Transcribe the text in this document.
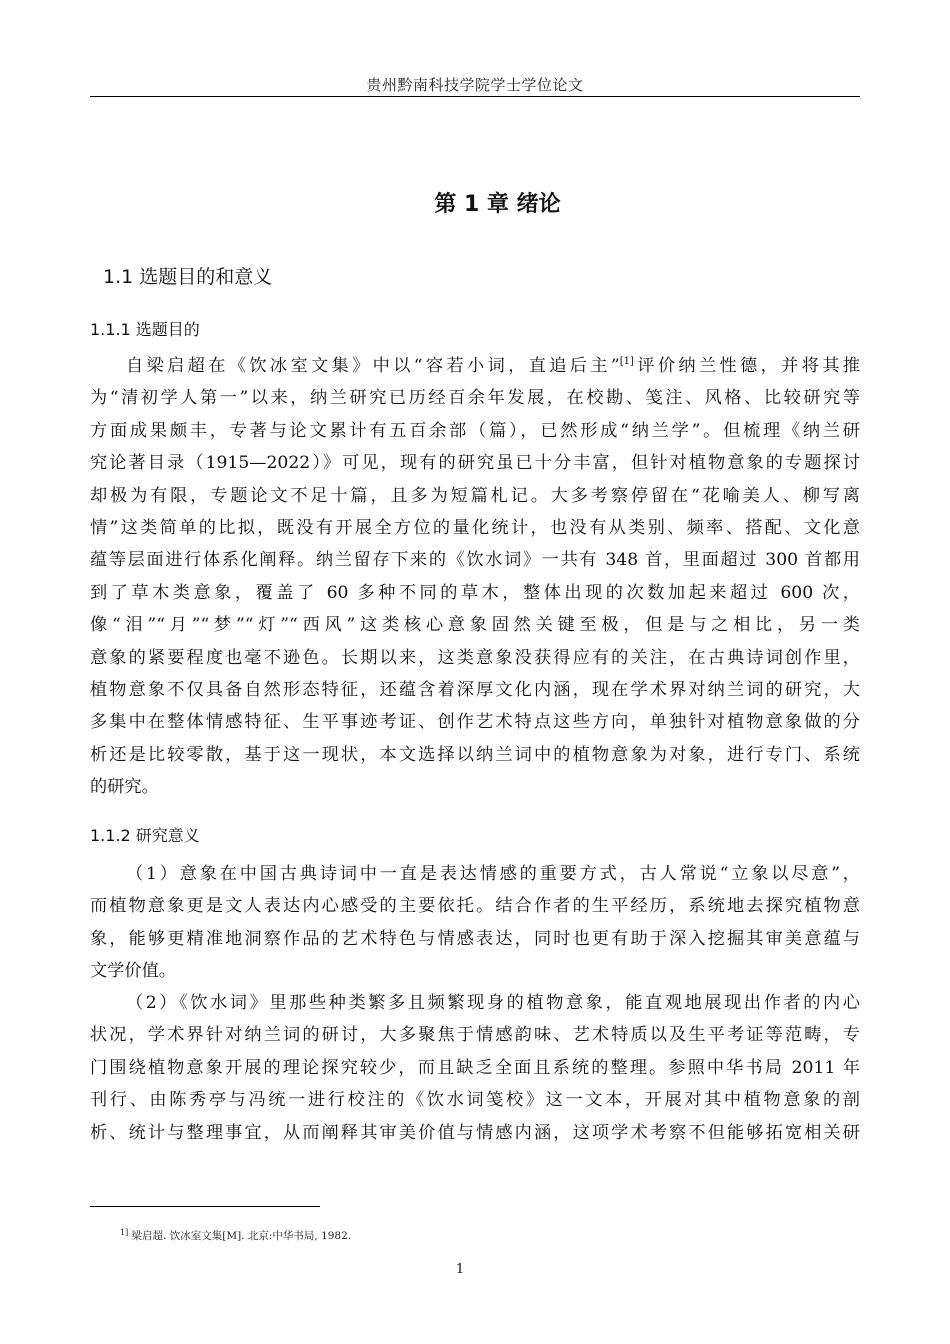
贵州黔南科技学院学士学位论文
第 1 章 绪论
1.1 选题目的和意义
1.1.1 选题目的
自梁启超在《饮冰室文集》中以“容若小词，直追后主”[1]评价纳兰性德，并将其推
为“清初学人第一”以来，纳兰研究已历经百余年发展，在校勘、笺注、风格、比较研究等
方面成果颇丰，专著与论文累计有五百余部（篇），已然形成“纳兰学”。但梳理《纳兰研
究论著目录（1915—2022）》可见，现有的研究虽已十分丰富，但针对植物意象的专题探讨
却极为有限，专题论文不足十篇，且多为短篇札记。大多考察停留在“花喻美人、柳写离
情”这类简单的比拟，既没有开展全方位的量化统计，也没有从类别、频率、搭配、文化意
蕴等层面进行体系化阐释。纳兰留存下来的《饮水词》一共有 348 首，里面超过 300 首都用
到了草木类意象，覆盖了 60 多种不同的草木，整体出现的次数加起来超过 600 次，
像“泪”“月”“梦”“灯”“西风”这类核心意象固然关键至极，但是与之相比，另一类
意象的紧要程度也毫不逊色。长期以来，这类意象没获得应有的关注，在古典诗词创作里，
植物意象不仅具备自然形态特征，还蕴含着深厚文化内涵，现在学术界对纳兰词的研究，大
多集中在整体情感特征、生平事迹考证、创作艺术特点这些方向，单独针对植物意象做的分
析还是比较零散，基于这一现状，本文选择以纳兰词中的植物意象为对象，进行专门、系统
的研究。
1.1.2 研究意义
（1）意象在中国古典诗词中一直是表达情感的重要方式，古人常说“立象以尽意”，
而植物意象更是文人表达内心感受的主要依托。结合作者的生平经历，系统地去探究植物意
象，能够更精准地洞察作品的艺术特色与情感表达，同时也更有助于深入挖掘其审美意蕴与
文学价值。
（2）《饮水词》里那些种类繁多且频繁现身的植物意象，能直观地展现出作者的内心
状况，学术界针对纳兰词的研讨，大多聚焦于情感韵味、艺术特质以及生平考证等范畴，专
门围绕植物意象开展的理论探究较少，而且缺乏全面且系统的整理。参照中华书局 2011 年
刊行、由陈秀亭与冯统一进行校注的《饮水词笺校》这一文本，开展对其中植物意象的剖
析、统计与整理事宜，从而阐释其审美价值与情感内涵，这项学术考察不但能够拓宽相关研
$^{1]}$ 梁启超. 饮冰室文集[M]. 北京:中华书局, 1982.
1
